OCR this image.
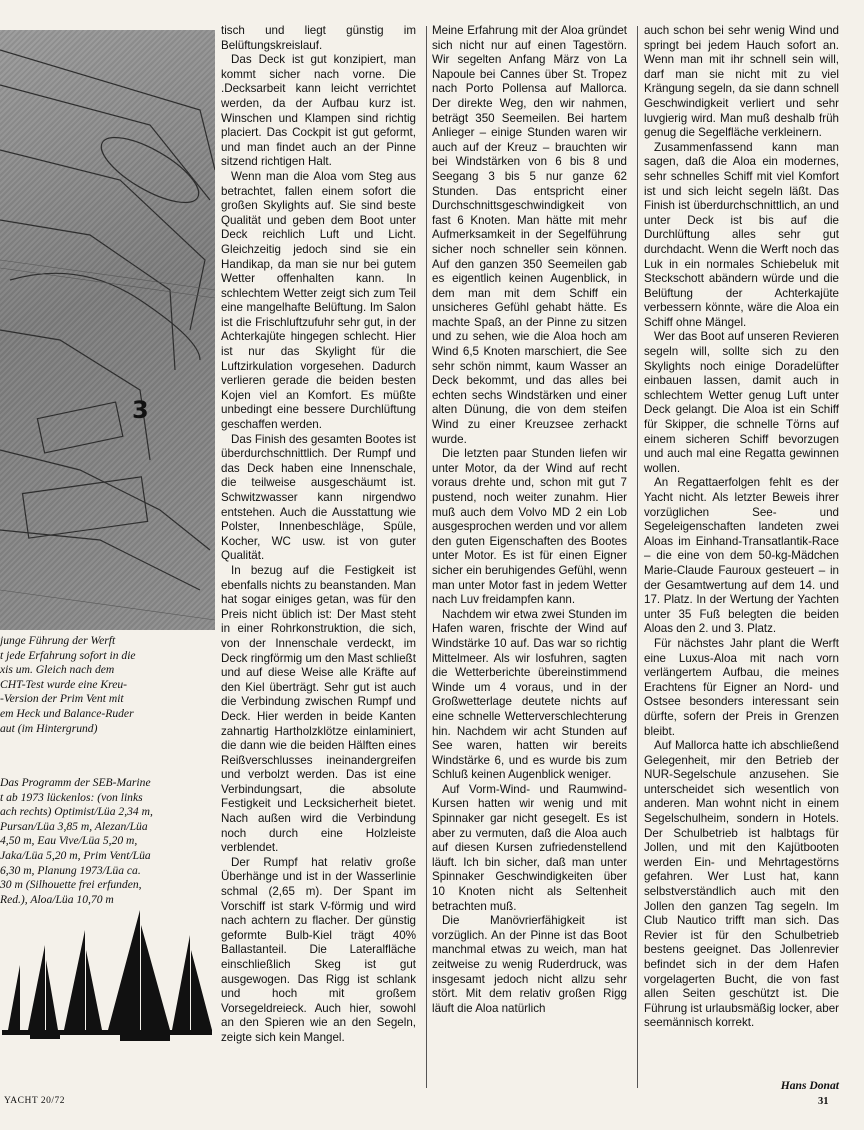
3

junge Führung der Werft

t jede Erfahrung sofort in die

xis um. Gleich nach dem

CHT-Test wurde eine Kreu-

-Version der Prim Vent mit

em Heck und Balance-Ruder

aut (im Hintergrund)

Das Programm der SEB-Marine

t ab 1973 lückenlos: (von links

ach rechts) Optimist/Lüa 2,34 m,

Pursan/Lüa 3,85 m, Alezan/Lüa

4,50 m, Eau Vive/Lüa 5,20 m,

Jaka/Lüa 5,20 m, Prim Vent/Lüa

6,30 m, Planung 1973/Lüa ca.

30 m (Silhouette frei erfunden,

Red.), Aloa/Lüa 10,70 m

tisch und liegt günstig im Belüftungskreislauf.

Das Deck ist gut konzipiert, man kommt sicher nach vorne. Die .Decksarbeit kann leicht verrichtet werden, da der Aufbau kurz ist. Winschen und Klampen sind richtig placiert. Das Cockpit ist gut geformt, und man findet auch an der Pinne sitzend richtigen Halt.

Wenn man die Aloa vom Steg aus betrachtet, fallen einem sofort die großen Skylights auf. Sie sind beste Qualität und geben dem Boot unter Deck reichlich Luft und Licht. Gleichzeitig jedoch sind sie ein Handikap, da man sie nur bei gutem Wetter offenhalten kann. In schlechtem Wetter zeigt sich zum Teil eine mangelhafte Belüftung. Im Salon ist die Frischluftzufuhr sehr gut, in der Achterkajüte hingegen schlecht. Hier ist nur das Skylight für die Luftzirkulation vorgesehen. Dadurch verlieren gerade die beiden besten Kojen viel an Komfort. Es müßte unbedingt eine bessere Durchlüftung geschaffen werden.

Das Finish des gesamten Bootes ist überdurchschnittlich. Der Rumpf und das Deck haben eine Innenschale, die teilweise ausgeschäumt ist. Schwitzwasser kann nirgendwo entstehen. Auch die Ausstattung wie Polster, Innenbeschläge, Spüle, Kocher, WC usw. ist von guter Qualität.

In bezug auf die Festigkeit ist ebenfalls nichts zu beanstanden. Man hat sogar einiges getan, was für den Preis nicht üblich ist: Der Mast steht in einer Rohrkonstruktion, die sich, von der Innenschale verdeckt, im Deck ringförmig um den Mast schließt und auf diese Weise alle Kräfte auf den Kiel überträgt. Sehr gut ist auch die Verbindung zwischen Rumpf und Deck. Hier werden in beide Kanten zahnartig Hartholzklötze einlaminiert, die dann wie die beiden Hälften eines Reißverschlusses ineinandergreifen und verbolzt werden. Das ist eine Verbindungsart, die absolute Festigkeit und Lecksicherheit bietet. Nach außen wird die Verbindung noch durch eine Holzleiste verblendet.

Der Rumpf hat relativ große Überhänge und ist in der Wasserlinie schmal (2,65 m). Der Spant im Vorschiff ist stark V-förmig und wird nach achtern zu flacher. Der günstig geformte Bulb-Kiel trägt 40% Ballastanteil. Die Lateralfläche einschließlich Skeg ist gut ausgewogen. Das Rigg ist schlank und hoch mit großem Vorsegeldreieck. Auch hier, sowohl an den Spieren wie an den Segeln, zeigte sich kein Mangel.

Meine Erfahrung mit der Aloa gründet sich nicht nur auf einen Tagestörn. Wir segelten Anfang März von La Napoule bei Cannes über St. Tropez nach Porto Pollensa auf Mallorca. Der direkte Weg, den wir nahmen, beträgt 350 Seemeilen. Bei hartem Anlieger – einige Stunden waren wir auch auf der Kreuz – brauchten wir bei Windstärken von 6 bis 8 und Seegang 3 bis 5 nur ganze 62 Stunden. Das entspricht einer Durchschnittsgeschwindigkeit von fast 6 Knoten. Man hätte mit mehr Aufmerksamkeit in der Segelführung sicher noch schneller sein können. Auf den ganzen 350 Seemeilen gab es eigentlich keinen Augenblick, in dem man mit dem Schiff ein unsicheres Gefühl gehabt hätte. Es machte Spaß, an der Pinne zu sitzen und zu sehen, wie die Aloa hoch am Wind 6,5 Knoten marschiert, die See sehr schön nimmt, kaum Wasser an Deck bekommt, und das alles bei echten sechs Windstärken und einer alten Dünung, die von dem steifen Wind zu einer Kreuzsee zerhackt wurde.

Die letzten paar Stunden liefen wir unter Motor, da der Wind auf recht voraus drehte und, schon mit gut 7 pustend, noch weiter zunahm. Hier muß auch dem Volvo MD 2 ein Lob ausgesprochen werden und vor allem den guten Eigenschaften des Bootes unter Motor. Es ist für einen Eigner sicher ein beruhigendes Gefühl, wenn man unter Motor fast in jedem Wetter nach Luv freidampfen kann.

Nachdem wir etwa zwei Stunden im Hafen waren, frischte der Wind auf Windstärke 10 auf. Das war so richtig Mittelmeer. Als wir losfuhren, sagten die Wetterberichte übereinstimmend Winde um 4 voraus, und in der Großwetterlage deutete nichts auf eine schnelle Wetterverschlechterung hin. Nachdem wir acht Stunden auf See waren, hatten wir bereits Windstärke 6, und es wurde bis zum Schluß keinen Augenblick weniger.

Auf Vorm-Wind- und Raumwind-Kursen hatten wir wenig und mit Spinnaker gar nicht gesegelt. Es ist aber zu vermuten, daß die Aloa auch auf diesen Kursen zufriedenstellend läuft. Ich bin sicher, daß man unter Spinnaker Geschwindigkeiten über 10 Knoten nicht als Seltenheit betrachten muß.

Die Manövrierfähigkeit ist vorzüglich. An der Pinne ist das Boot manchmal etwas zu weich, man hat zeitweise zu wenig Ruderdruck, was insgesamt jedoch nicht allzu sehr stört. Mit dem relativ großen Rigg läuft die Aloa natürlich

auch schon bei sehr wenig Wind und springt bei jedem Hauch sofort an. Wenn man mit ihr schnell sein will, darf man sie nicht mit zu viel Krängung segeln, da sie dann schnell Geschwindigkeit verliert und sehr luvgierig wird. Man muß deshalb früh genug die Segelfläche verkleinern.

Zusammenfassend kann man sagen, daß die Aloa ein modernes, sehr schnelles Schiff mit viel Komfort ist und sich leicht segeln läßt. Das Finish ist überdurchschnittlich, an und unter Deck ist bis auf die Durchlüftung alles sehr gut durchdacht. Wenn die Werft noch das Luk in ein normales Schiebeluk mit Steckschott abändern würde und die Belüftung der Achterkajüte verbessern könnte, wäre die Aloa ein Schiff ohne Mängel.

Wer das Boot auf unseren Revieren segeln will, sollte sich zu den Skylights noch einige Doradelüfter einbauen lassen, damit auch in schlechtem Wetter genug Luft unter Deck gelangt. Die Aloa ist ein Schiff für Skipper, die schnelle Törns auf einem sicheren Schiff bevorzugen und auch mal eine Regatta gewinnen wollen.

An Regattaerfolgen fehlt es der Yacht nicht. Als letzter Beweis ihrer vorzüglichen See- und Segeleigenschaften landeten zwei Aloas im Einhand-Transatlantik-Race – die eine von dem 50-kg-Mädchen Marie-Claude Fauroux gesteuert – in der Gesamtwertung auf dem 14. und 17. Platz. In der Wertung der Yachten unter 35 Fuß belegten die beiden Aloas den 2. und 3. Platz.

Für nächstes Jahr plant die Werft eine Luxus-Aloa mit nach vorn verlängertem Aufbau, die meines Erachtens für Eigner an Nord- und Ostsee besonders interessant sein dürfte, sofern der Preis in Grenzen bleibt.

Auf Mallorca hatte ich abschließend Gelegenheit, mir den Betrieb der NUR-Segelschule anzusehen. Sie unterscheidet sich wesentlich von anderen. Man wohnt nicht in einem Segelschulheim, sondern in Hotels. Der Schulbetrieb ist halbtags für Jollen, und mit den Kajütbooten werden Ein- und Mehrtagestörns gefahren. Wer Lust hat, kann selbstverständlich auch mit den Jollen den ganzen Tag segeln. Im Club Nautico trifft man sich. Das Revier ist für den Schulbetrieb bestens geeignet. Das Jollenrevier befindet sich in der dem Hafen vorgelagerten Bucht, die von fast allen Seiten geschützt ist. Die Führung ist urlaubsmäßig locker, aber seemännisch korrekt.

Hans Donat
YACHT 20/72	31
